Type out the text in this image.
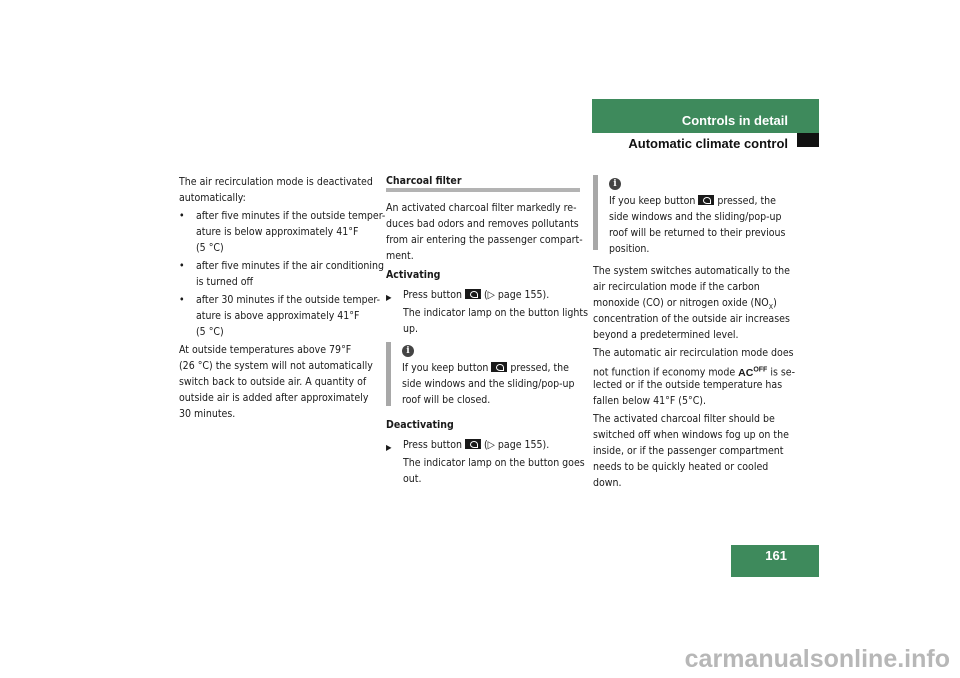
Controls in detail
Automatic climate control
The air recirculation mode is deactivated
automatically:
• after five minutes if the outside temper-
ature is below approximately 41°F
(5 °C)
• after five minutes if the air conditioning
is turned off
• after 30 minutes if the outside temper-
ature is above approximately 41°F
(5 °C)
At outside temperatures above 79°F
(26 °C) the system will not automatically
switch back to outside air. A quantity of
outside air is added after approximately
30 minutes.
Charcoal filter
An activated charcoal filter markedly re-
duces bad odors and removes pollutants
from air entering the passenger compart-
ment.
Activating
▶ Press button (▷ page 155).
The indicator lamp on the button lights
up.
i
If you keep button pressed, the
side windows and the sliding/pop-up
roof will be closed.
Deactivating
▶ Press button (▷ page 155).
The indicator lamp on the button goes
out.
i
If you keep button pressed, the
side windows and the sliding/pop-up
roof will be returned to their previous
position.
The system switches automatically to the
air recirculation mode if the carbon
monoxide (CO) or nitrogen oxide $(NO_X)$
concentration of the outside air increases
beyond a predetermined level.
The automatic air recirculation mode does
not function if economy mode $AC^{OFF}$ is se-
lected or if the outside temperature has
fallen below 41°F (5°C).
The activated charcoal filter should be
switched off when windows fog up on the
inside, or if the passenger compartment
needs to be quickly heated or cooled
down.
161
carmanualsonline.info
